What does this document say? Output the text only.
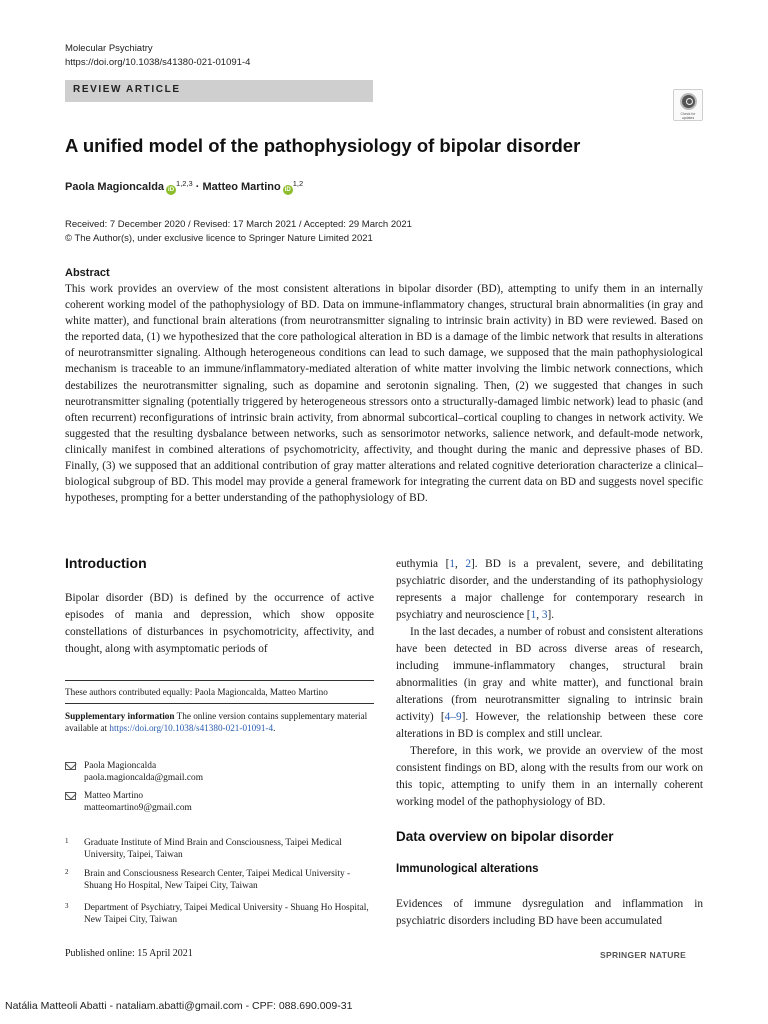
Molecular Psychiatry
https://doi.org/10.1038/s41380-021-01091-4
REVIEW ARTICLE
Check for updates
A unified model of the pathophysiology of bipolar disorder
Paola Magioncalda iD$^{1,2,3}$ · Matteo Martino iD$^{1,2}$
Received: 7 December 2020 / Revised: 17 March 2021 / Accepted: 29 March 2021
© The Author(s), under exclusive licence to Springer Nature Limited 2021
Abstract
This work provides an overview of the most consistent alterations in bipolar disorder (BD), attempting to unify them in an internally coherent working model of the pathophysiology of BD. Data on immune-inflammatory changes, structural brain abnormalities (in gray and white matter), and functional brain alterations (from neurotransmitter signaling to intrinsic brain activity) in BD were reviewed. Based on the reported data, (1) we hypothesized that the core pathological alteration in BD is a damage of the limbic network that results in alterations of neurotransmitter signaling. Although heterogeneous conditions can lead to such damage, we supposed that the main pathophysiological mechanism is traceable to an immune/inflammatory-mediated alteration of white matter involving the limbic network connections, which destabilizes the neurotransmitter signaling, such as dopamine and serotonin signaling. Then, (2) we suggested that changes in such neurotransmitter signaling (potentially triggered by heterogeneous stressors onto a structurally-damaged limbic network) lead to phasic (and often recurrent) reconfigurations of intrinsic brain activity, from abnormal subcortical–cortical coupling to changes in network activity. We suggested that the resulting dysbalance between networks, such as sensorimotor networks, salience network, and default-mode network, clinically manifest in combined alterations of psychomotricity, affectivity, and thought during the manic and depressive phases of BD. Finally, (3) we supposed that an additional contribution of gray matter alterations and related cognitive deterioration characterize a clinical–biological subgroup of BD. This model may provide a general framework for integrating the current data on BD and suggests novel specific hypotheses, prompting for a better understanding of the pathophysiology of BD.
Introduction
Bipolar disorder (BD) is defined by the occurrence of active episodes of mania and depression, which show opposite constellations of disturbances in psychomotricity, affectivity, and thought, along with asymptomatic periods of

euthymia [1, 2]. BD is a prevalent, severe, and debilitating psychiatric disorder, and the understanding of its pathophysiology represents a major challenge for contemporary research in psychiatry and neuroscience [1, 3].

In the last decades, a number of robust and consistent alterations have been detected in BD across diverse areas of research, including immune-inflammatory changes, structural brain abnormalities (in gray and white matter), and functional brain alterations (from neurotransmitter signaling to intrinsic brain activity) [4–9]. However, the relationship between these core alterations in BD is complex and still unclear.

Therefore, in this work, we provide an overview of the most consistent findings on BD, along with the results from our work on this topic, attempting to unify them in an internally coherent working model of the pathophysiology of BD.

These authors contributed equally: Paola Magioncalda, Matteo Martino
Supplementary information The online version contains supplementary material available at https://doi.org/10.1038/s41380-021-01091-4.
Paola Magioncalda
paola.magioncalda@gmail.com
Matteo Martino
matteomartino9@gmail.com
1 Graduate Institute of Mind Brain and Consciousness, Taipei Medical University, Taipei, Taiwan
2 Brain and Consciousness Research Center, Taipei Medical University - Shuang Ho Hospital, New Taipei City, Taiwan
3 Department of Psychiatry, Taipei Medical University - Shuang Ho Hospital, New Taipei City, Taiwan
Data overview on bipolar disorder
Immunological alterations
Evidences of immune dysregulation and inflammation in psychiatric disorders including BD have been accumulated
Published online: 15 April 2021	SPRINGER NATURE
Natália Matteoli Abatti - nataliam.abatti@gmail.com - CPF: 088.690.009-31
